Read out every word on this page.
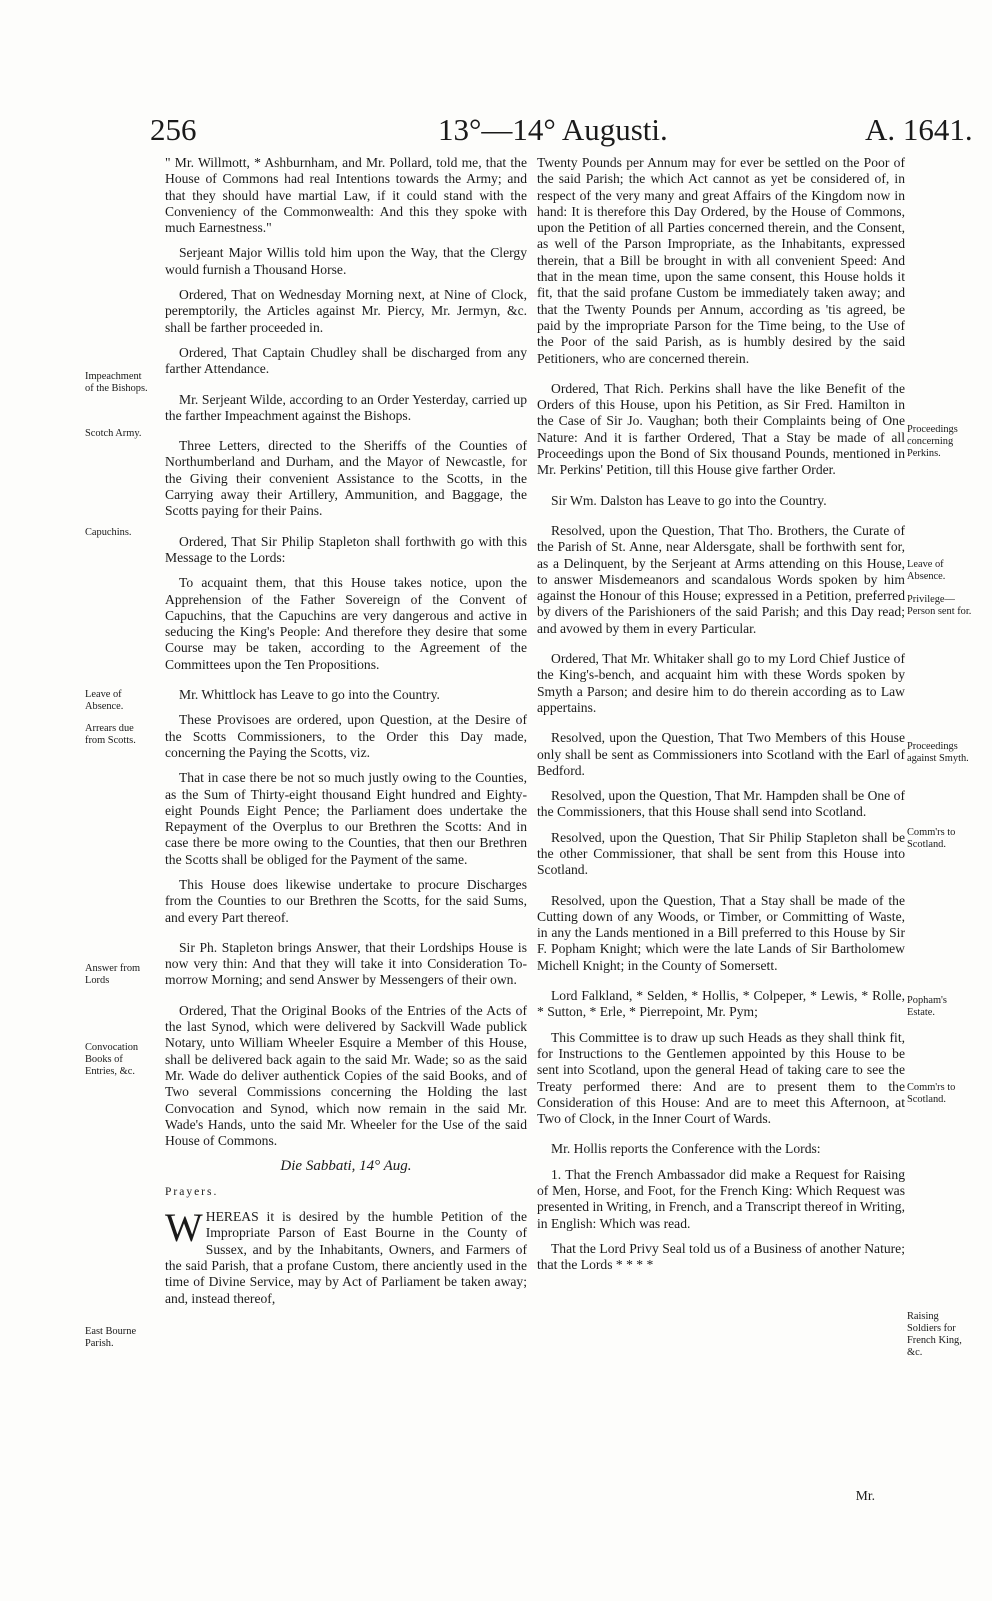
256	13°—14° Augusti.	A. 1641.
Impeachment of the Bishops.
Scotch Army.
Capuchins.
Leave of Absence.
Arrears due from Scotts.
Answer from Lords
Convocation Books of Entries, &c.
East Bourne Parish.
Proceedings concerning Perkins.
Leave of Absence.
Privilege—Person sent for.
Proceedings against Smyth.
Comm'rs to Scotland.
Popham's Estate.
Comm'rs to Scotland.
Raising Soldiers for French King, &c.

" Mr. Willmott, * Ashburnham, and Mr. Pollard, told me, that the House of Commons had real Intentions towards the Army; and that they should have martial Law, if it could stand with the Conveniency of the Commonwealth: And this they spoke with much Earnestness."

Serjeant Major Willis told him upon the Way, that the Clergy would furnish a Thousand Horse.

Ordered, That on Wednesday Morning next, at Nine of Clock, peremptorily, the Articles against Mr. Piercy, Mr. Jermyn, &c. shall be farther proceeded in.

Ordered, That Captain Chudley shall be discharged from any farther Attendance.

Mr. Serjeant Wilde, according to an Order Yesterday, carried up the farther Impeachment against the Bishops.

Three Letters, directed to the Sheriffs of the Counties of Northumberland and Durham, and the Mayor of Newcastle, for the Giving their convenient Assistance to the Scotts, in the Carrying away their Artillery, Ammunition, and Baggage, the Scotts paying for their Pains.

Ordered, That Sir Philip Stapleton shall forthwith go with this Message to the Lords:

To acquaint them, that this House takes notice, upon the Apprehension of the Father Sovereign of the Convent of Capuchins, that the Capuchins are very dangerous and active in seducing the King's People: And therefore they desire that some Course may be taken, according to the Agreement of the Committees upon the Ten Propositions.

Mr. Whittlock has Leave to go into the Country.

These Provisoes are ordered, upon Question, at the Desire of the Scotts Commissioners, to the Order this Day made, concerning the Paying the Scotts, viz.

That in case there be not so much justly owing to the Counties, as the Sum of Thirty-eight thousand Eight hundred and Eighty-eight Pounds Eight Pence; the Parliament does undertake the Repayment of the Overplus to our Brethren the Scotts: And in case there be more owing to the Counties, that then our Brethren the Scotts shall be obliged for the Payment of the same.

This House does likewise undertake to procure Discharges from the Counties to our Brethren the Scotts, for the said Sums, and every Part thereof.

Sir Ph. Stapleton brings Answer, that their Lordships House is now very thin: And that they will take it into Consideration To-morrow Morning; and send Answer by Messengers of their own.

Ordered, That the Original Books of the Entries of the Acts of the last Synod, which were delivered by Sackvill Wade publick Notary, unto William Wheeler Esquire a Member of this House, shall be delivered back again to the said Mr. Wade; so as the said Mr. Wade do deliver authentick Copies of the said Books, and of Two several Commissions concerning the Holding the last Convocation and Synod, which now remain in the said Mr. Wade's Hands, unto the said Mr. Wheeler for the Use of the said House of Commons.

Die Sabbati, 14° Aug.

Prayers.

WHEREAS it is desired by the humble Petition of the Impropriate Parson of East Bourne in the County of Sussex, and by the Inhabitants, Owners, and Farmers of the said Parish, that a profane Custom, there anciently used in the time of Divine Service, may by Act of Parliament be taken away; and, instead thereof,

Twenty Pounds per Annum may for ever be settled on the Poor of the said Parish; the which Act cannot as yet be considered of, in respect of the very many and great Affairs of the Kingdom now in hand: It is therefore this Day Ordered, by the House of Commons, upon the Petition of all Parties concerned therein, and the Consent, as well of the Parson Impropriate, as the Inhabitants, expressed therein, that a Bill be brought in with all convenient Speed: And that in the mean time, upon the same consent, this House holds it fit, that the said profane Custom be immediately taken away; and that the Twenty Pounds per Annum, according as 'tis agreed, be paid by the impropriate Parson for the Time being, to the Use of the Poor of the said Parish, as is humbly desired by the said Petitioners, who are concerned therein.

Ordered, That Rich. Perkins shall have the like Benefit of the Orders of this House, upon his Petition, as Sir Fred. Hamilton in the Case of Sir Jo. Vaughan; both their Complaints being of One Nature: And it is farther Ordered, That a Stay be made of all Proceedings upon the Bond of Six thousand Pounds, mentioned in Mr. Perkins' Petition, till this House give farther Order.

Sir Wm. Dalston has Leave to go into the Country.

Resolved, upon the Question, That Tho. Brothers, the Curate of the Parish of St. Anne, near Aldersgate, shall be forthwith sent for, as a Delinquent, by the Serjeant at Arms attending on this House, to answer Misdemeanors and scandalous Words spoken by him against the Honour of this House; expressed in a Petition, preferred by divers of the Parishioners of the said Parish; and this Day read; and avowed by them in every Particular.

Ordered, That Mr. Whitaker shall go to my Lord Chief Justice of the King's-bench, and acquaint him with these Words spoken by Smyth a Parson; and desire him to do therein according as to Law appertains.

Resolved, upon the Question, That Two Members of this House only shall be sent as Commissioners into Scotland with the Earl of Bedford.

Resolved, upon the Question, That Mr. Hampden shall be One of the Commissioners, that this House shall send into Scotland.

Resolved, upon the Question, That Sir Philip Stapleton shall be the other Commissioner, that shall be sent from this House into Scotland.

Resolved, upon the Question, That a Stay shall be made of the Cutting down of any Woods, or Timber, or Committing of Waste, in any the Lands mentioned in a Bill preferred to this House by Sir F. Popham Knight; which were the late Lands of Sir Bartholomew Michell Knight; in the County of Somersett.

Lord Falkland, * Selden, * Hollis, * Colpeper, * Lewis, * Rolle, * Sutton, * Erle, * Pierrepoint, Mr. Pym;

This Committee is to draw up such Heads as they shall think fit, for Instructions to the Gentlemen appointed by this House to be sent into Scotland, upon the general Head of taking care to see the Treaty performed there: And are to present them to the Consideration of this House: And are to meet this Afternoon, at Two of Clock, in the Inner Court of Wards.

Mr. Hollis reports the Conference with the Lords:

1. That the French Ambassador did make a Request for Raising of Men, Horse, and Foot, for the French King: Which Request was presented in Writing, in French, and a Transcript thereof in Writing, in English: Which was read.

That the Lord Privy Seal told us of a Business of another Nature; that the Lords * * * *

Mr.
